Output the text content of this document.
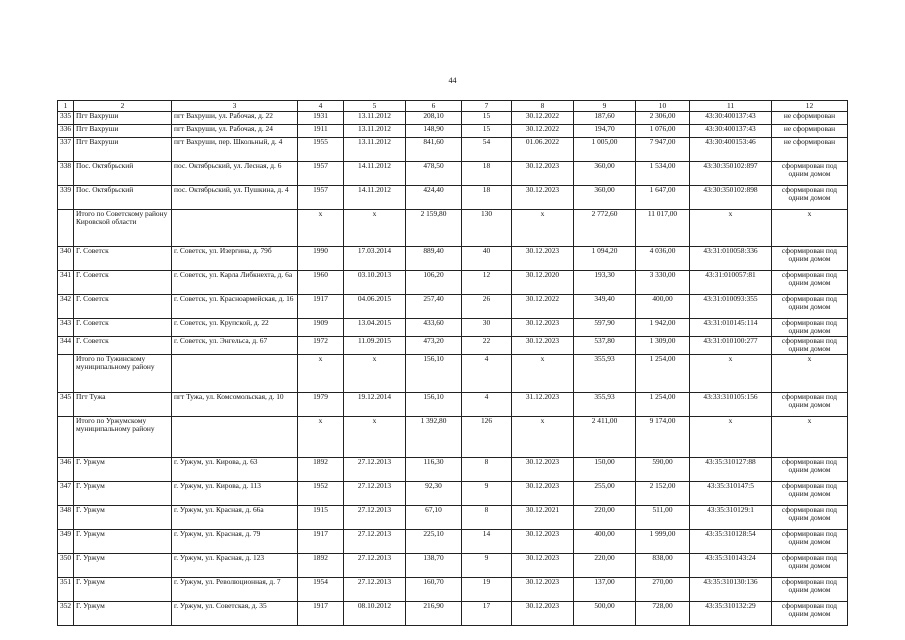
44
1	2	3	4	5	6	7	8	9	10	11	12
335	Пгт Вахруши	пгт Вахруши, ул. Рабочая, д. 22	1931	13.11.2012	208,10	15	30.12.2022	187,60	2 306,00	43:30:400137:43	не сформирован
336	Пгт Вахруши	пгт Вахруши, ул. Рабочая, д. 24	1911	13.11.2012	148,90	15	30.12.2022	194,70	1 076,00	43:30:400137:43	не сформирован
337	Пгт Вахруши	пгт Вахруши, пер. Школьный, д. 4	1955	13.11.2012	841,60	54	01.06.2022	1 005,00	7 947,00	43:30:400153:46	не сформирован
338	Пос. Октябрьский	пос. Октябрьский, ул. Лесная, д. 6	1957	14.11.2012	478,50	18	30.12.2023	360,00	1 534,00	43:30:350102:897	сформирован под одним домом
339	Пос. Октябрьский	пос. Октябрьский, ул. Пушкина, д. 4	1957	14.11.2012	424,40	18	30.12.2023	360,00	1 647,00	43:30:350102:898	сформирован под одним домом
	Итого по Советскому району Кировской области		х	х	2 159,80	130	х	2 772,60	11 017,00	х	х
340	Г. Советск	г. Советск, ул. Изергина, д. 79б	1990	17.03.2014	889,40	40	30.12.2023	1 094,20	4 036,00	43:31:010058:336	сформирован под одним домом
341	Г. Советск	г. Советск, ул. Карла Либкнехта, д. 6а	1960	03.10.2013	106,20	12	30.12.2020	193,30	3 330,00	43:31:010057:81	сформирован под одним домом
342	Г. Советск	г. Советск, ул. Красноармейская, д. 16	1917	04.06.2015	257,40	26	30.12.2022	349,40	400,00	43:31:010093:355	сформирован под одним домом
343	Г. Советск	г. Советск, ул. Крупской, д. 22	1909	13.04.2015	433,60	30	30.12.2023	597,90	1 942,00	43:31:010145:114	сформирован под одним домом
344	Г. Советск	г. Советск, ул. Энгельса, д. 67	1972	11.09.2015	473,20	22	30.12.2023	537,80	1 309,00	43:31:010100:277	сформирован под одним домом
	Итого по Тужинскому муниципальному району		х	х	156,10	4	х	355,93	1 254,00	х	х
345	Пгт Тужа	пгт Тужа, ул. Комсомольская, д. 10	1979	19.12.2014	156,10	4	31.12.2023	355,93	1 254,00	43:33:310105:156	сформирован под одним домом
	Итого по Уржумскому муниципальному району		х	х	1 392,80	126	х	2 411,00	9 174,00	х	х
346	Г. Уржум	г. Уржум, ул. Кирова, д. 63	1892	27.12.2013	116,30	8	30.12.2023	150,00	590,00	43:35:310127:88	сформирован под одним домом
347	Г. Уржум	г. Уржум, ул. Кирова, д. 113	1952	27.12.2013	92,30	9	30.12.2023	255,00	2 152,00	43:35:310147:5	сформирован под одним домом
348	Г. Уржум	г. Уржум, ул. Красная, д. 66а	1915	27.12.2013	67,10	8	30.12.2021	220,00	511,00	43:35:310129:1	сформирован под одним домом
349	Г. Уржум	г. Уржум, ул. Красная, д. 79	1917	27.12.2013	225,10	14	30.12.2023	400,00	1 999,00	43:35:310128:54	сформирован под одним домом
350	Г. Уржум	г. Уржум, ул. Красная, д. 123	1892	27.12.2013	138,70	9	30.12.2023	220,00	838,00	43:35:310143:24	сформирован под одним домом
351	Г. Уржум	г. Уржум, ул. Революционная, д. 7	1954	27.12.2013	160,70	19	30.12.2023	137,00	270,00	43:35:310130:136	сформирован под одним домом
352	Г. Уржум	г. Уржум, ул. Советская, д. 35	1917	08.10.2012	216,90	17	30.12.2023	500,00	728,00	43:35:310132:29	сформирован под одним домом
